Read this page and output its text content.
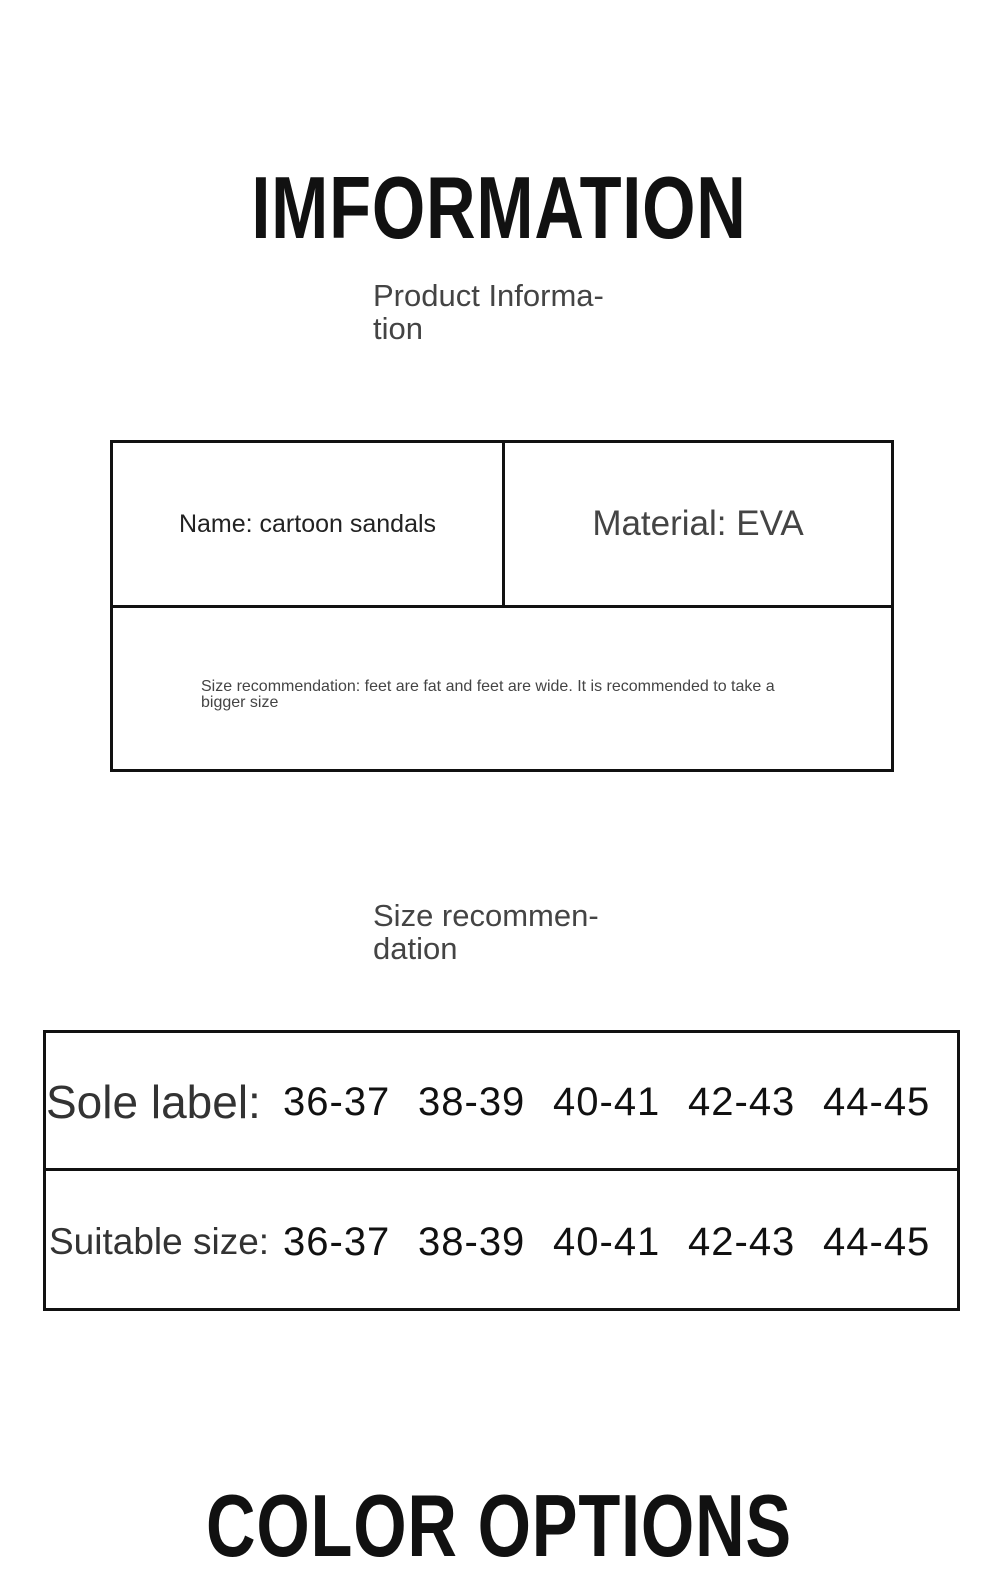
IMFORMATION
Product Informa-
tion
Name: cartoon sandals	Material: EVA
Size recommendation: feet are fat and feet are wide. It is recommended to take a bigger size
Size recommen-
dation
Sole label: 36-37 38-39 40-41 42-43 44-45
Suitable size: 36-37 38-39 40-41 42-43 44-45
COLOR OPTIONS
